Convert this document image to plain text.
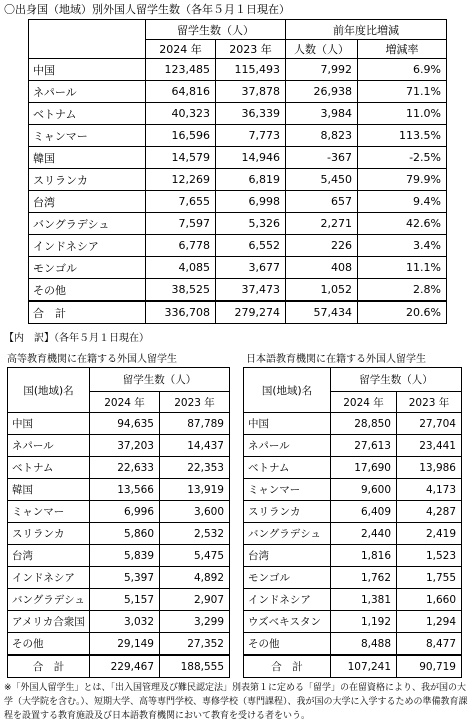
〇出身国（地域）別外国人留学生数（各年５月１日現在）
	留学生数（人）		前年度比増減	
	2024 年	2023 年	人数（人）	増減率
中国	123,485	115,493	7,992	6.9%
ネパール	64,816	37,878	26,938	71.1%
ベトナム	40,323	36,339	3,984	11.0%
ミャンマー	16,596	7,773	8,823	113.5%
韓国	14,579	14,946	-367	-2.5%
スリランカ	12,269	6,819	5,450	79.9%
台湾	7,655	6,998	657	9.4%
バングラデシュ	7,597	5,326	2,271	42.6%
インドネシア	6,778	6,552	226	3.4%
モンゴル	4,085	3,677	408	11.1%
その他	38,525	37,473	1,052	2.8%
合　計	336,708	279,274	57,434	20.6%
【内　訳】（各年５月１日現在）
高等教育機関に在籍する外国人留学生	日本語教育機関に在籍する外国人留学生
国(地域)名	留学生数（人）	
	2024 年	2023 年
中国	94,635	87,789
ネパール	37,203	14,437
ベトナム	22,633	22,353
韓国	13,566	13,919
ミャンマー	6,996	3,600
スリランカ	5,860	2,532
台湾	5,839	5,475
インドネシア	5,397	4,892
バングラデシュ	5,157	2,907
アメリカ合衆国	3,032	3,299
その他	29,149	27,352
合　計	229,467	188,555
国(地域)名	留学生数（人）	
	2024 年	2023 年
中国	28,850	27,704
ネパール	27,613	23,441
ベトナム	17,690	13,986
ミャンマー	9,600	4,173
スリランカ	6,409	4,287
バングラデシュ	2,440	2,419
台湾	1,816	1,523
モンゴル	1,762	1,755
インドネシア	1,381	1,660
ウズベキスタン	1,192	1,294
その他	8,488	8,477
合　計	107,241	90,719
※「外国人留学生」とは、「出入国管理及び難民認定法」別表第１に定める「留学」の在留資格により、我が国の大学（大学院を含む。）、短期大学、高等専門学校、専修学校（専門課程）、我が国の大学に入学するための準備教育課程を設置する教育施設及び日本語教育機関において教育を受ける者をいう。
